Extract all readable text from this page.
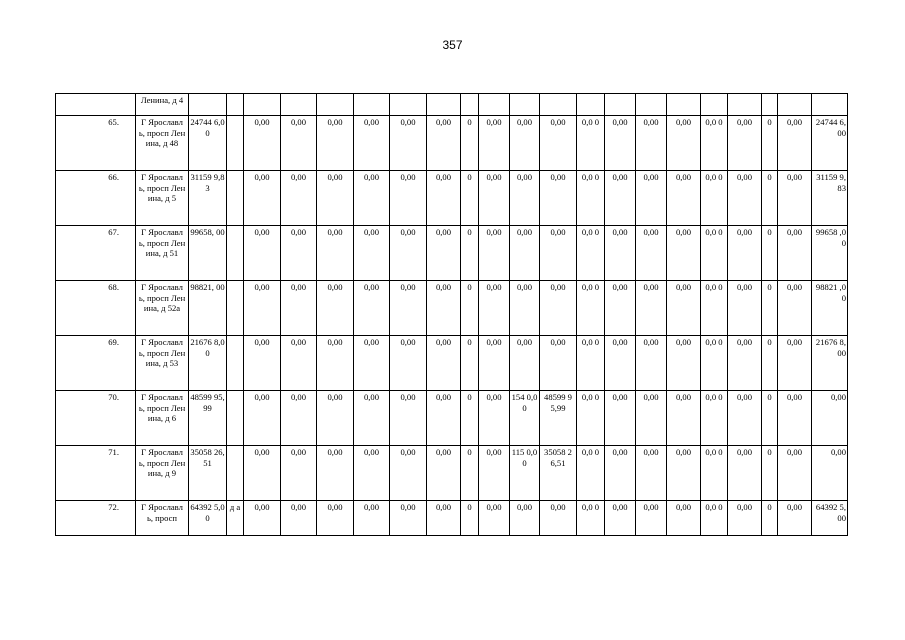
357
	Ленина, д 4																					
65.	Г Ярославл ь, просп Ленина, д 48	24744 6,00		0,00	0,00	0,00	0,00	0,00	0,00	0	0,00	0,00	0,00	0,0 0	0,00	0,00	0,00	0,0 0	0,00	0	0,00	24744 6,00
66.	Г Ярославл ь, просп Ленина, д 5	31159 9,83		0,00	0,00	0,00	0,00	0,00	0,00	0	0,00	0,00	0,00	0,0 0	0,00	0,00	0,00	0,0 0	0,00	0	0,00	31159 9,83
67.	Г Ярославл ь, просп Ленина, д 51	99658, 00		0,00	0,00	0,00	0,00	0,00	0,00	0	0,00	0,00	0,00	0,0 0	0,00	0,00	0,00	0,0 0	0,00	0	0,00	99658 ,00
68.	Г Ярославл ь, просп Ленина, д 52а	98821, 00		0,00	0,00	0,00	0,00	0,00	0,00	0	0,00	0,00	0,00	0,0 0	0,00	0,00	0,00	0,0 0	0,00	0	0,00	98821 ,00
69.	Г Ярославл ь, просп Ленина, д 53	21676 8,00		0,00	0,00	0,00	0,00	0,00	0,00	0	0,00	0,00	0,00	0,0 0	0,00	0,00	0,00	0,0 0	0,00	0	0,00	21676 8,00
70.	Г Ярославл ь, просп Ленина, д 6	48599 95,99		0,00	0,00	0,00	0,00	0,00	0,00	0	0,00	154 0,00	48599 95,99	0,0 0	0,00	0,00	0,00	0,0 0	0,00	0	0,00	0,00
71.	Г Ярославл ь, просп Ленина, д 9	35058 26,51		0,00	0,00	0,00	0,00	0,00	0,00	0	0,00	115 0,00	35058 26,51	0,0 0	0,00	0,00	0,00	0,0 0	0,00	0	0,00	0,00
72.	Г Ярославл ь, просп	64392 5,00	д а	0,00	0,00	0,00	0,00	0,00	0,00	0	0,00	0,00	0,00	0,0 0	0,00	0,00	0,00	0,0 0	0,00	0	0,00	64392 5,00
